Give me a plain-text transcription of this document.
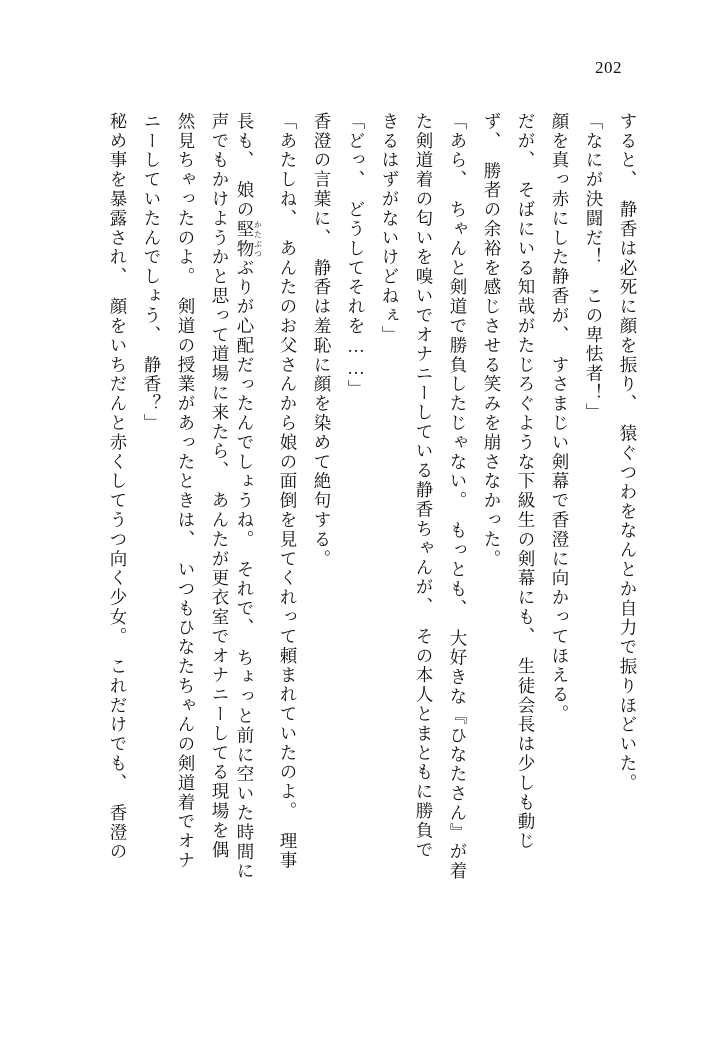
202
すると、　静香は必死に顔を振り、　猿ぐつわをなんとか自力で振りほどいた。
「なにが決闘だ！　この卑怯者！」
顔を真っ赤にした静香が、　すさまじい剣幕で香澄に向かってほえる。
だが、　そばにいる知哉がたじろぐような下級生の剣幕にも、　生徒会長は少しも動じ
ず、　勝者の余裕を感じさせる笑みを崩さなかった。
「あら、　ちゃんと剣道で勝負したじゃない。　もっとも、　大好きな『ひなたさん』が着
た剣道着の匂いを嗅いでオナニーしている静香ちゃんが、　その本人とまともに勝負で
きるはずがないけどねぇ」
「どっ、　どうしてそれを……」
香澄の言葉に、　静香は羞恥に顔を染めて絶句する。
「あたしね、　あんたのお父さんから娘の面倒を見てくれって頼まれていたのよ。　理事
長も、　娘の堅物かたぶつぶりが心配だったんでしょうね。　それで、　ちょっと前に空いた時間に
声でもかけようかと思って道場に来たら、　あんたが更衣室でオナニーしてる現場を偶
然見ちゃったのよ。　剣道の授業があったときは、　いつもひなたちゃんの剣道着でオナ
ニーしていたんでしょう、　静香？」
秘め事を暴露され、　顔をいちだんと赤くしてうつ向く少女。　これだけでも、　香澄の
